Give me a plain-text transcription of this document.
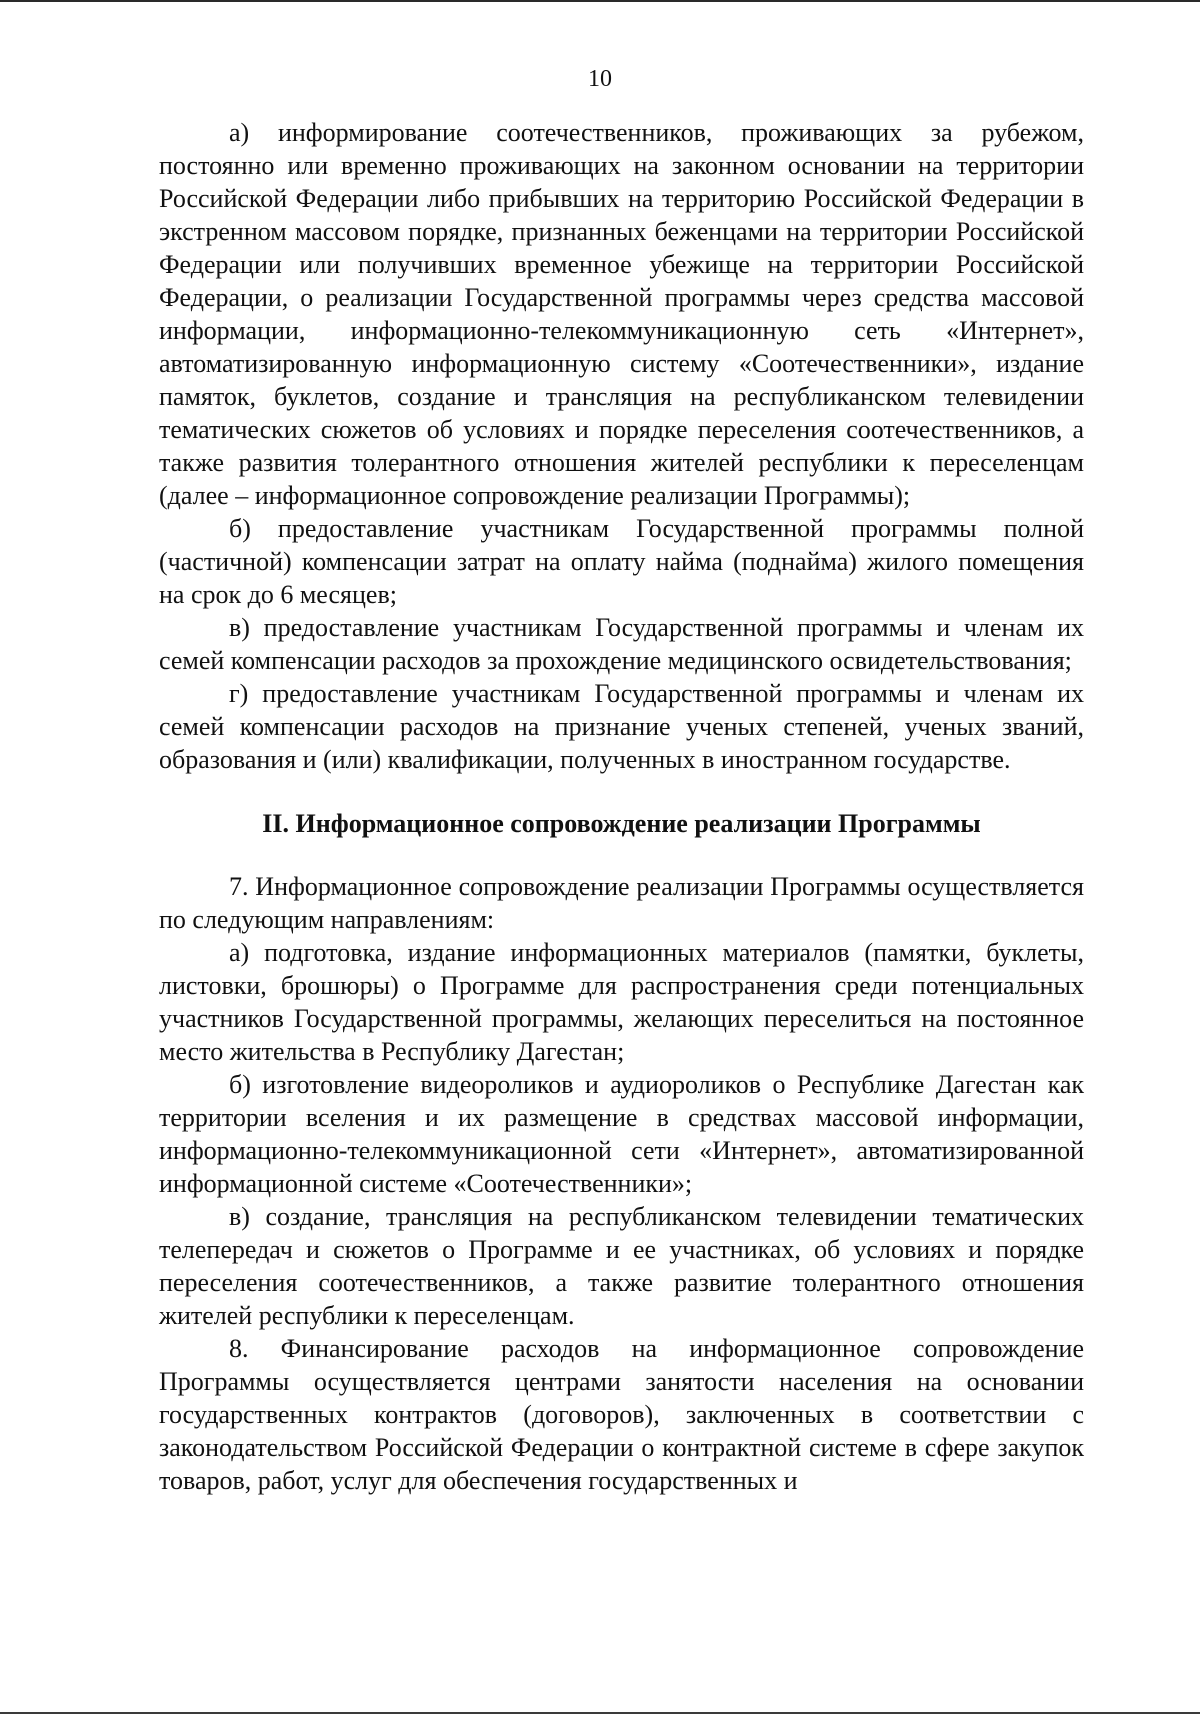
10

а) информирование соотечественников, проживающих за рубежом, постоянно или временно проживающих на законном основании на территории Российской Федерации либо прибывших на территорию Российской Федерации в экстренном массовом порядке, признанных беженцами на территории Российской Федерации или получивших временное убежище на территории Российской Федерации, о реализации Государственной программы через средства массовой информации, информационно-телекоммуникационную сеть «Интернет», автоматизированную информационную систему «Соотечественники», издание памяток, буклетов, создание и трансляция на республиканском телевидении тематических сюжетов об условиях и порядке переселения соотечественников, а также развития толерантного отношения жителей республики к переселенцам (далее – информационное сопровождение реализации Программы);

б) предоставление участникам Государственной программы полной (частичной) компенсации затрат на оплату найма (поднайма) жилого помещения на срок до 6 месяцев;

в) предоставление участникам Государственной программы и членам их семей компенсации расходов за прохождение медицинского освидетельствования;

г) предоставление участникам Государственной программы и членам их семей компенсации расходов на признание ученых степеней, ученых званий, образования и (или) квалификации, полученных в иностранном государстве.

II. Информационное сопровождение реализации Программы

7. Информационное сопровождение реализации Программы осуществляется по следующим направлениям:

а) подготовка, издание информационных материалов (памятки, буклеты, листовки, брошюры) о Программе для распространения среди потенциальных участников Государственной программы, желающих переселиться на постоянное место жительства в Республику Дагестан;

б) изготовление видеороликов и аудиороликов о Республике Дагестан как территории вселения и их размещение в средствах массовой информации, информационно-телекоммуникационной сети «Интернет», автоматизированной информационной системе «Соотечественники»;

в) создание, трансляция на республиканском телевидении тематических телепередач и сюжетов о Программе и ее участниках, об условиях и порядке переселения соотечественников, а также развитие толерантного отношения жителей республики к переселенцам.

8. Финансирование расходов на информационное сопровождение Программы осуществляется центрами занятости населения на основании государственных контрактов (договоров), заключенных в соответствии с законодательством Российской Федерации о контрактной системе в сфере закупок товаров, работ, услуг для обеспечения государственных и
